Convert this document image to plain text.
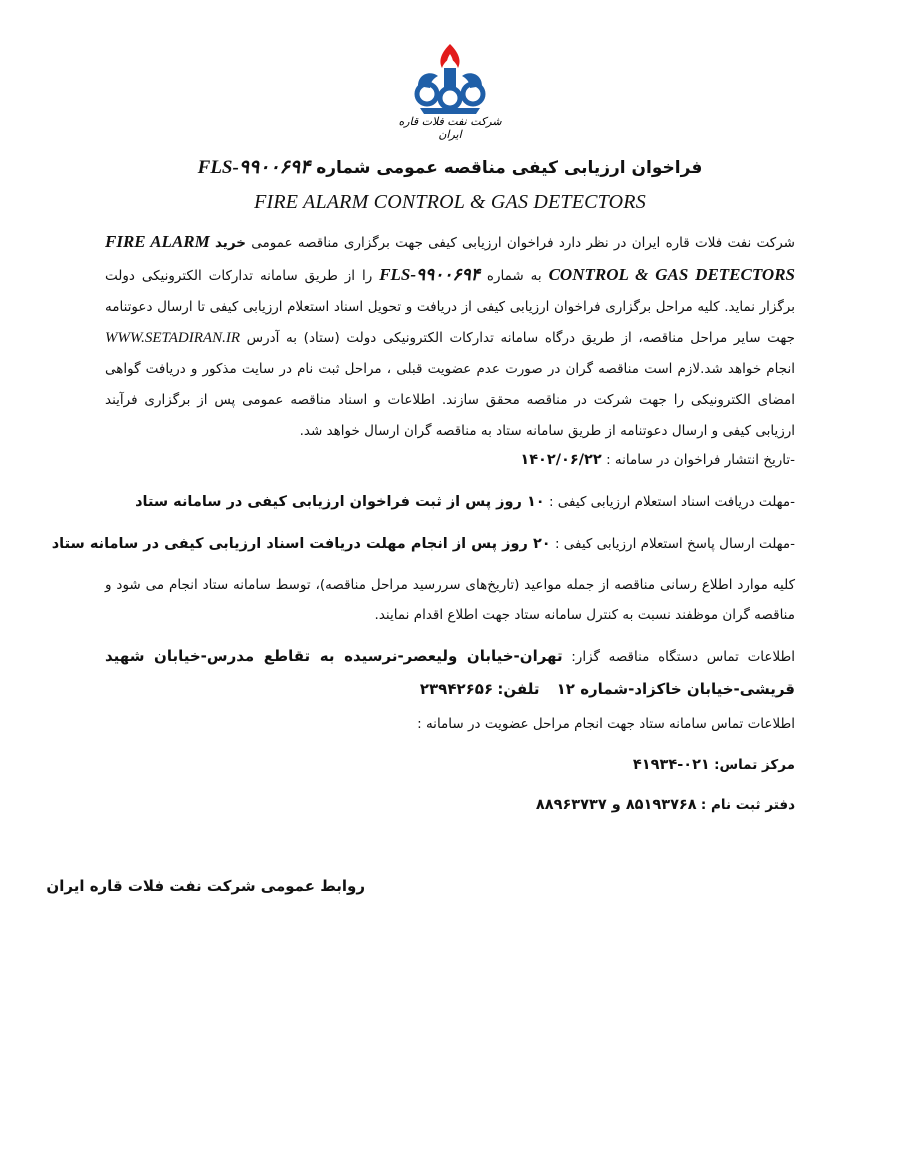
شرکت نفت فلات قاره ایران
فراخوان ارزیابی کیفی مناقصه عمومی شماره FLS-۹۹۰۰۶۹۴
FIRE ALARM CONTROL & GAS DETECTORS
شرکت نفت فلات قاره ایران در نظر دارد فراخوان ارزیابی کیفی جهت برگزاری مناقصه عمومی خرید FIRE ALARM CONTROL & GAS DETECTORS به شماره FLS-۹۹۰۰۶۹۴ را از طریق سامانه تدارکات الکترونیکی دولت برگزار نماید. کلیه مراحل برگزاری فراخوان ارزیابی کیفی از دریافت و تحویل اسناد استعلام ارزیابی کیفی تا ارسال دعوتنامه جهت سایر مراحل مناقصه، از طریق درگاه سامانه تدارکات الکترونیکی دولت (ستاد) به آدرس WWW.SETADIRAN.IR انجام خواهد شد.لازم است مناقصه گران در صورت عدم عضویت قبلی ، مراحل ثبت نام در سایت مذکور و دریافت گواهی امضای الکترونیکی را جهت شرکت در مناقصه محقق سازند. اطلاعات و اسناد مناقصه عمومی پس از برگزاری فرآیند ارزیابی کیفی و ارسال دعوتنامه از طریق سامانه ستاد به مناقصه گران ارسال خواهد شد.
-تاریخ انتشار فراخوان در سامانه : ۱۴۰۲/۰۶/۲۲
-مهلت دریافت اسناد استعلام ارزیابی کیفی : ۱۰ روز پس از ثبت فراخوان ارزیابی کیفی در سامانه ستاد
-مهلت ارسال پاسخ استعلام ارزیابی کیفی : ۲۰ روز پس از انجام مهلت دریافت اسناد ارزیابی کیفی در سامانه ستاد
کلیه موارد اطلاع رسانی مناقصه از جمله مواعید (تاریخ‌های سررسید مراحل مناقصه)، توسط سامانه ستاد انجام می شود و مناقصه گران موظفند نسبت به کنترل سامانه ستاد جهت اطلاع اقدام نمایند.
اطلاعات تماس دستگاه مناقصه گزار: تهران-خیابان ولیعصر-نرسیده به تقاطع مدرس-خیابان شهید قریشی-خیابان خاکزاد-شماره ۱۲    تلفن: ۲۳۹۴۲۶۵۶
اطلاعات تماس سامانه ستاد جهت انجام مراحل عضویت در سامانه :
مرکز تماس: ۰۲۱-۴۱۹۳۴
دفتر ثبت نام : ۸۵۱۹۳۷۶۸ و ۸۸۹۶۳۷۳۷
روابط عمومی شرکت نفت فلات قاره ایران
